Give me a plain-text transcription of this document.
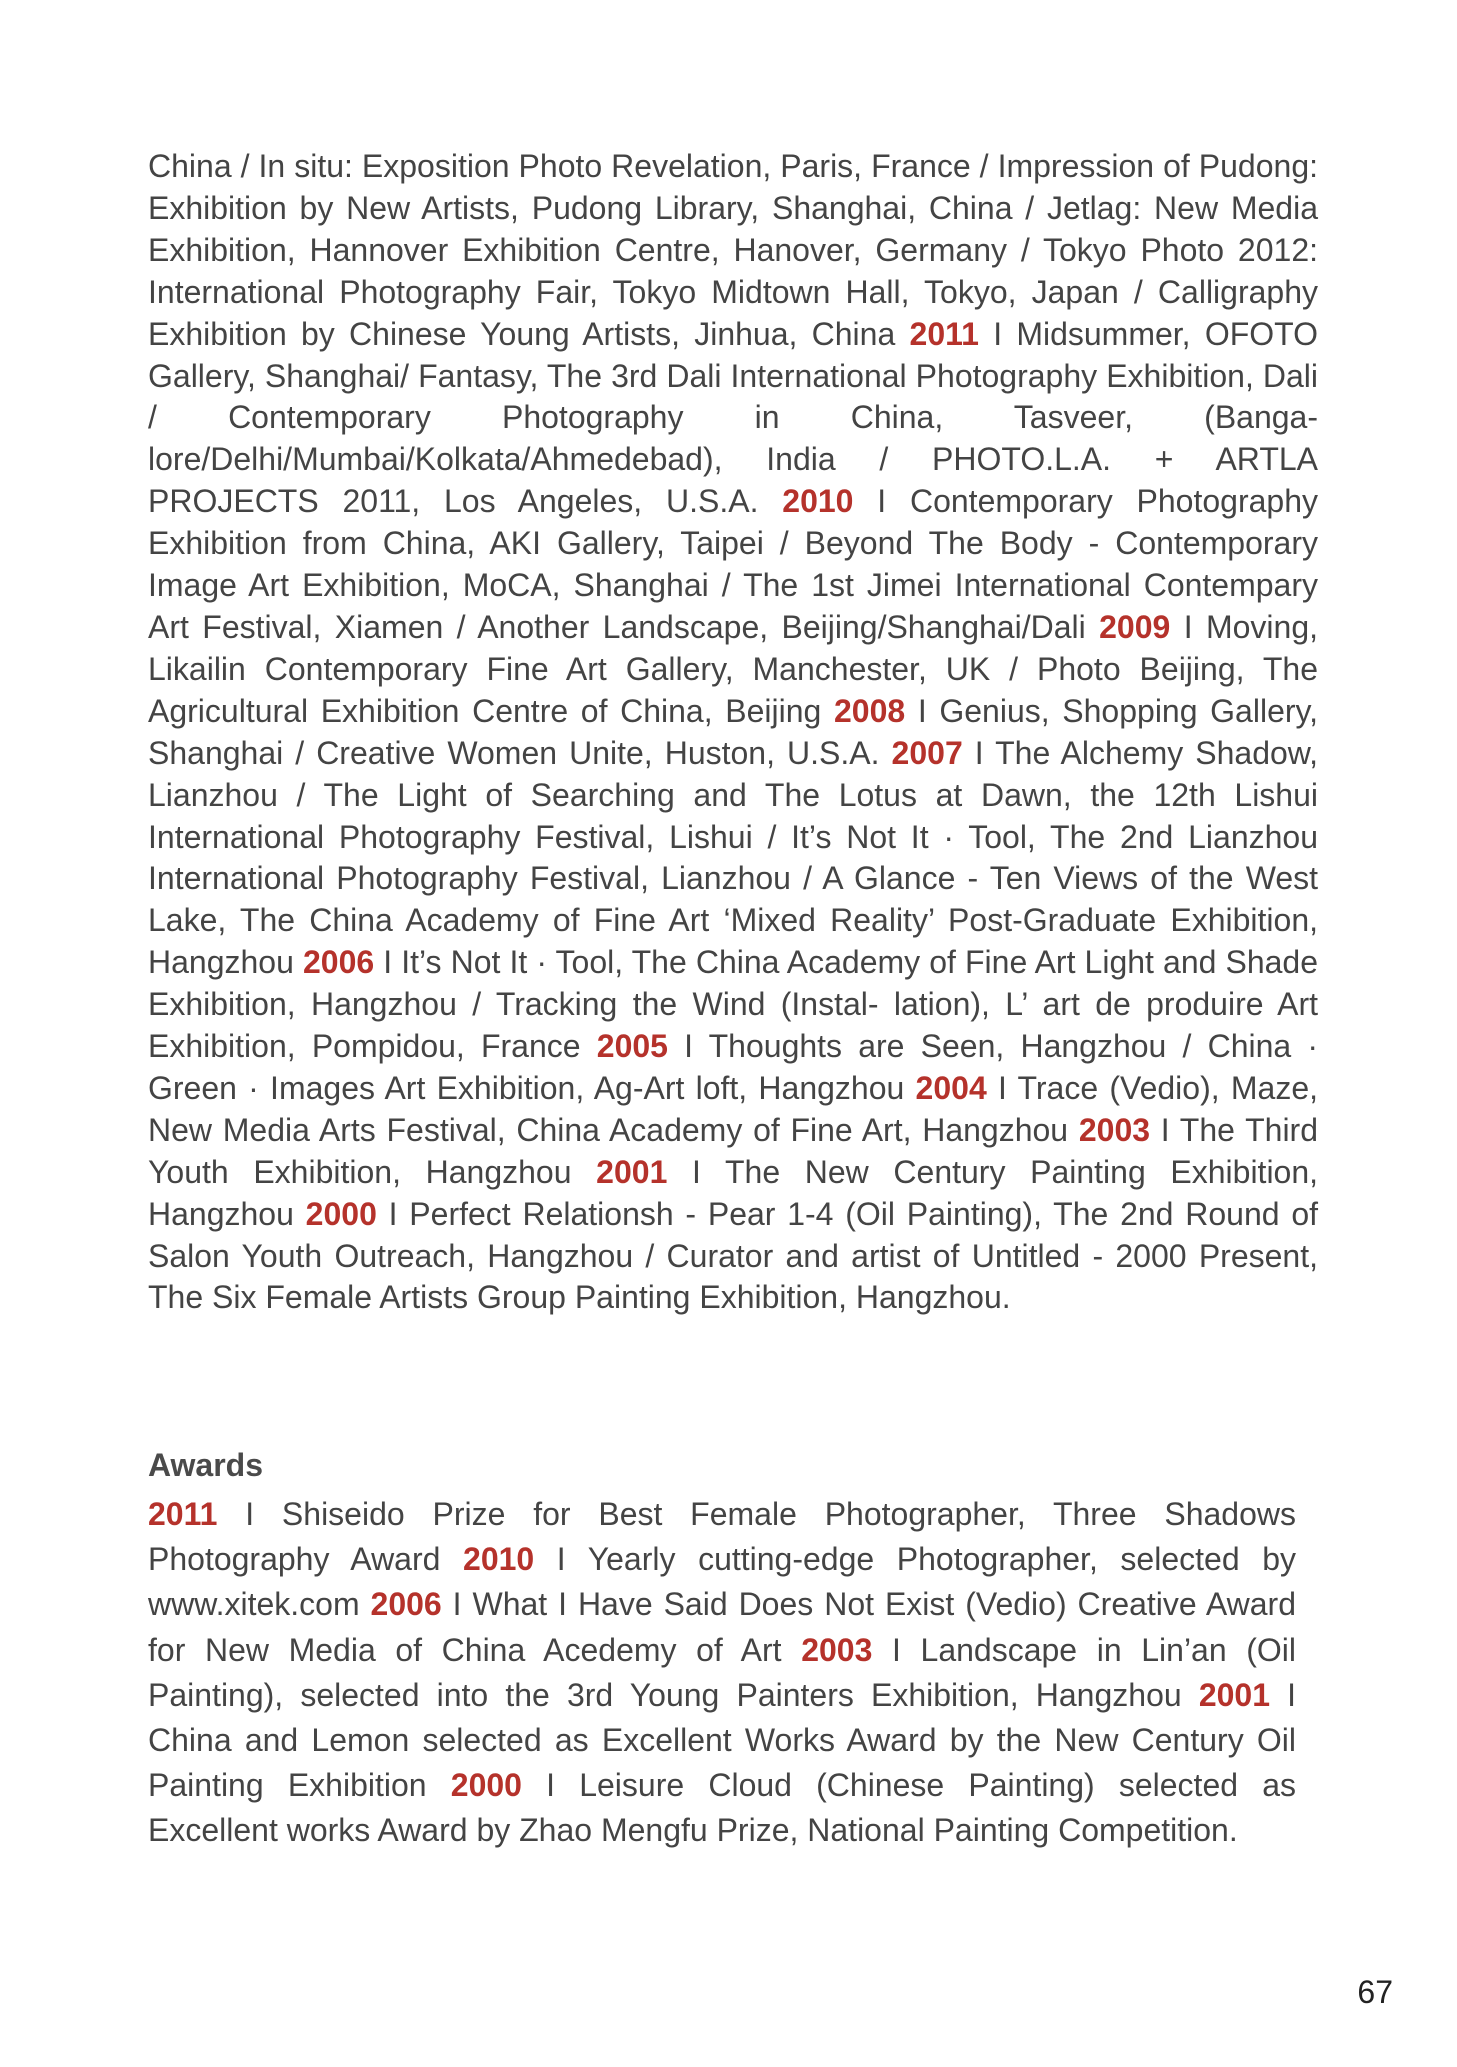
China / In situ: Exposition Photo Revelation, Paris, France / Impression of Pudong: Exhibition by New Artists, Pudong Library, Shanghai, China / Jetlag: New Media Exhibition, Hannover Exhibition Centre, Hanover, Germany / Tokyo Photo 2012: International Photography Fair, Tokyo Midtown Hall, Tokyo, Japan / Calligraphy Exhibition by Chinese Young Artists, Jinhua, China 2011 I Midsummer, OFOTO Gallery, Shanghai/ Fantasy, The 3rd Dali International Photography Exhibition, Dali / Contemporary Photography in China, Tasveer, (Banga- lore/Delhi/Mumbai/Kolkata/Ahmedebad), India / PHOTO.L.A. + ARTLA PROJECTS 2011, Los Angeles, U.S.A. 2010 I Contemporary Photography Exhibition from China, AKI Gallery, Taipei / Beyond The Body - Contemporary Image Art Exhibition, MoCA, Shanghai / The 1st Jimei International Contempary Art Festival, Xiamen / Another Landscape, Beijing/Shanghai/Dali 2009 I Moving, Likailin Contemporary Fine Art Gallery, Manchester, UK / Photo Beijing, The Agricultural Exhibition Centre of China, Beijing 2008 I Genius, Shopping Gallery, Shanghai / Creative Women Unite, Huston, U.S.A. 2007 I The Alchemy Shadow, Lianzhou / The Light of Searching and The Lotus at Dawn, the 12th Lishui International Photography Festival, Lishui / It’s Not It · Tool, The 2nd Lianzhou International Photography Festival, Lianzhou / A Glance - Ten Views of the West Lake, The China Academy of Fine Art ‘Mixed Reality’ Post-Graduate Exhibition, Hangzhou 2006 I It’s Not It · Tool, The China Academy of Fine Art Light and Shade Exhibition, Hangzhou / Tracking the Wind (Instal- lation), L’ art de produire Art Exhibition, Pompidou, France 2005 I Thoughts are Seen, Hangzhou / China · Green · Images Art Exhibition, Ag-Art loft, Hangzhou 2004 I Trace (Vedio), Maze, New Media Arts Festival, China Academy of Fine Art, Hangzhou 2003 I The Third Youth Exhibition, Hangzhou 2001 I The New Century Painting Exhibition, Hangzhou 2000 I Perfect Relationsh - Pear 1-4 (Oil Painting), The 2nd Round of Salon Youth Outreach, Hangzhou / Curator and artist of Untitled - 2000 Present, The Six Female Artists Group Painting Exhibition, Hangzhou.

Awards

2011 I Shiseido Prize for Best Female Photographer, Three Shadows Photography Award 2010 I Yearly cutting-edge Photographer, selected by www.xitek.com 2006 I What I Have Said Does Not Exist (Vedio) Creative Award for New Media of China Acedemy of Art 2003 I Landscape in Lin’an (Oil Painting), selected into the 3rd Young Painters Exhibition, Hangzhou 2001 I China and Lemon selected as Excellent Works Award by the New Century Oil Painting Exhibition 2000 I Leisure Cloud (Chinese Painting) selected as Excellent works Award by Zhao Mengfu Prize, National Painting Competition.

67
